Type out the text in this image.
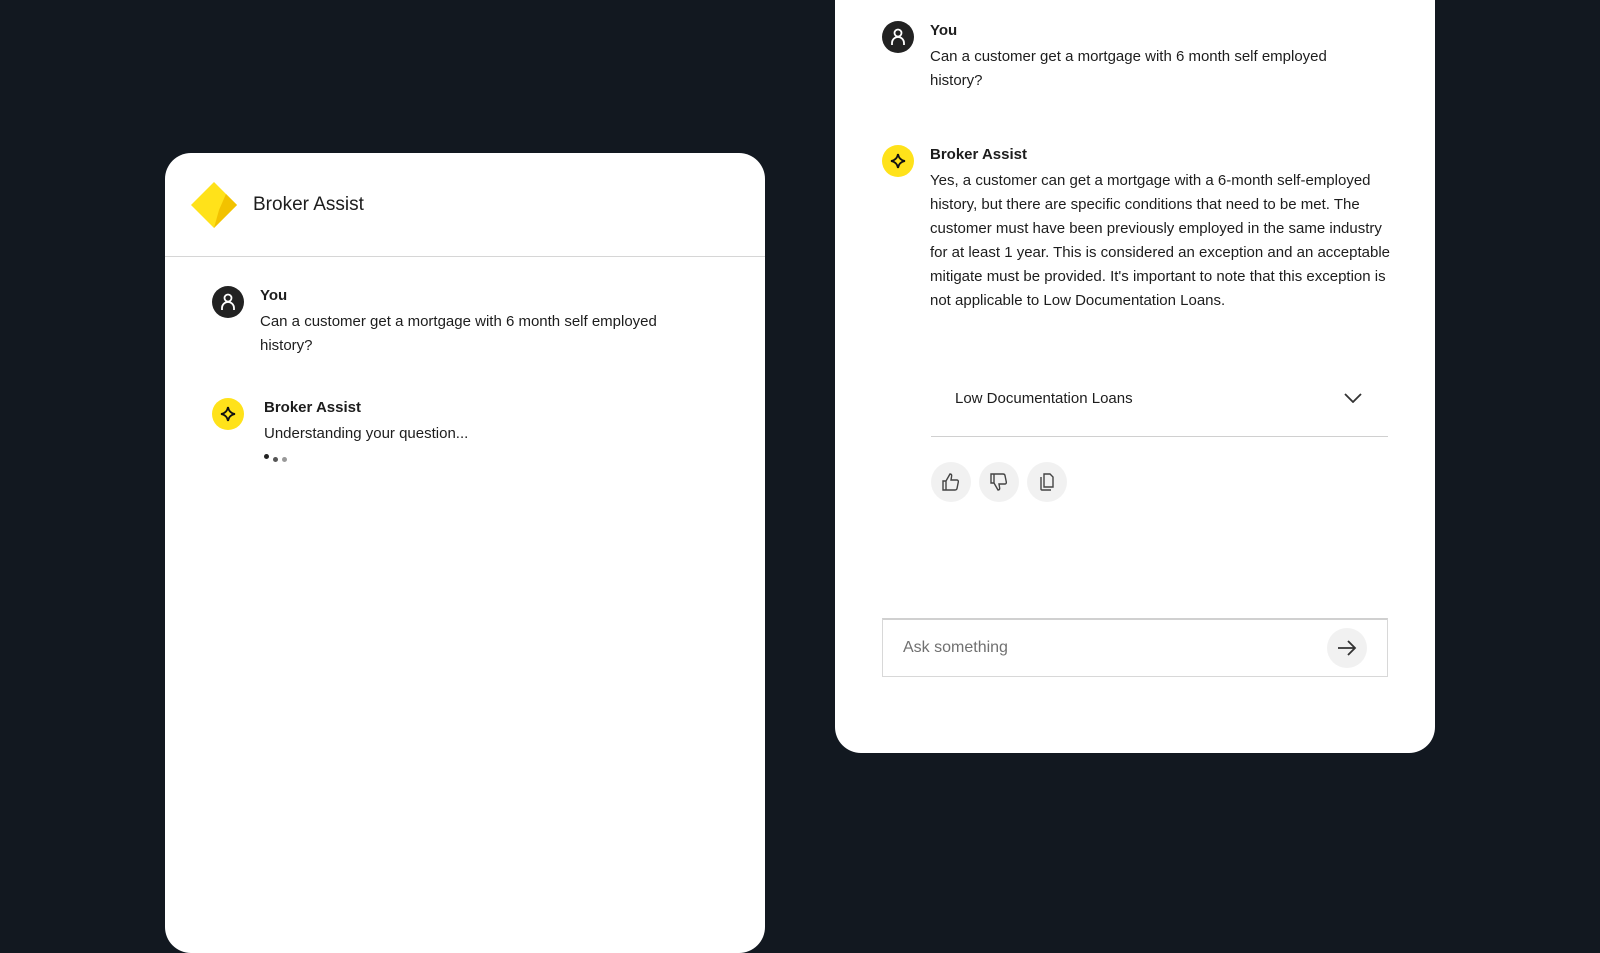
Broker Assist
You
Can a customer get a mortgage with 6 month self employed history?
Broker Assist
Understanding your question...
You
Can a customer get a mortgage with 6 month self employed history?
Broker Assist
Yes, a customer can get a mortgage with a 6-month self-employed history, but there are specific conditions that need to be met. The customer must have been previously employed in the same industry for at least 1 year. This is considered an exception and an acceptable mitigate must be provided. It's important to note that this exception is not applicable to Low Documentation Loans.
Low Documentation Loans
Ask something
